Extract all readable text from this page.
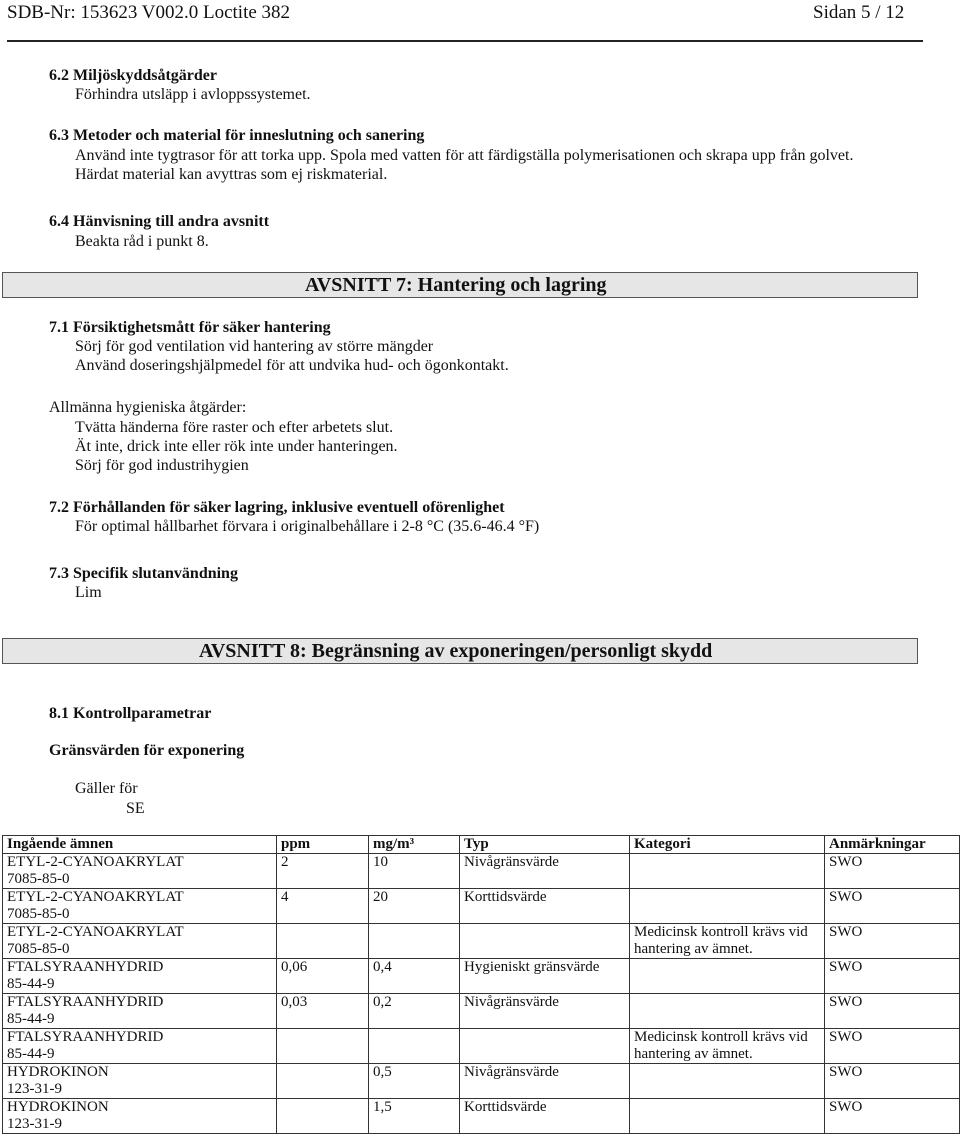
SDB-Nr: 153623 V002.0 Loctite 382	Sidan 5 / 12
6.2 Miljöskyddsåtgärder
Förhindra utsläpp i avloppssystemet.
6.3 Metoder och material för inneslutning och sanering
Använd inte tygtrasor för att torka upp. Spola med vatten för att färdigställa polymerisationen och skrapa upp från golvet.
Härdat material kan avyttras som ej riskmaterial.
6.4 Hänvisning till andra avsnitt
Beakta råd i punkt 8.
AVSNITT 7: Hantering och lagring
7.1 Försiktighetsmått för säker hantering
Sörj för god ventilation vid hantering av större mängder
Använd doseringshjälpmedel för att undvika hud- och ögonkontakt.
Allmänna hygieniska åtgärder:
Tvätta händerna före raster och efter arbetets slut.
Ät inte, drick inte eller rök inte under hanteringen.
Sörj för god industrihygien
7.2 Förhållanden för säker lagring, inklusive eventuell oförenlighet
För optimal hållbarhet förvara i originalbehållare i 2-8 °C (35.6-46.4 °F)
7.3 Specifik slutanvändning
Lim
AVSNITT 8: Begränsning av exponeringen/personligt skydd
8.1 Kontrollparametrar
Gränsvärden för exponering
Gäller för
SE
Ingående ämnen	ppm	mg/m³	Typ	Kategori	Anmärkningar

ETYL-2-CYANOAKRYLAT
7085-85-0	2	10	Nivågränsvärde		SWO

ETYL-2-CYANOAKRYLAT
7085-85-0	4	20	Korttidsvärde		SWO

ETYL-2-CYANOAKRYLAT
7085-85-0				Medicinsk kontroll krävs vid hantering av ämnet.	SWO

FTALSYRAANHYDRID
85-44-9	0,06	0,4	Hygieniskt gränsvärde		SWO

FTALSYRAANHYDRID
85-44-9	0,03	0,2	Nivågränsvärde		SWO

FTALSYRAANHYDRID
85-44-9				Medicinsk kontroll krävs vid hantering av ämnet.	SWO

HYDROKINON
123-31-9		0,5	Nivågränsvärde		SWO

HYDROKINON
123-31-9		1,5	Korttidsvärde		SWO
